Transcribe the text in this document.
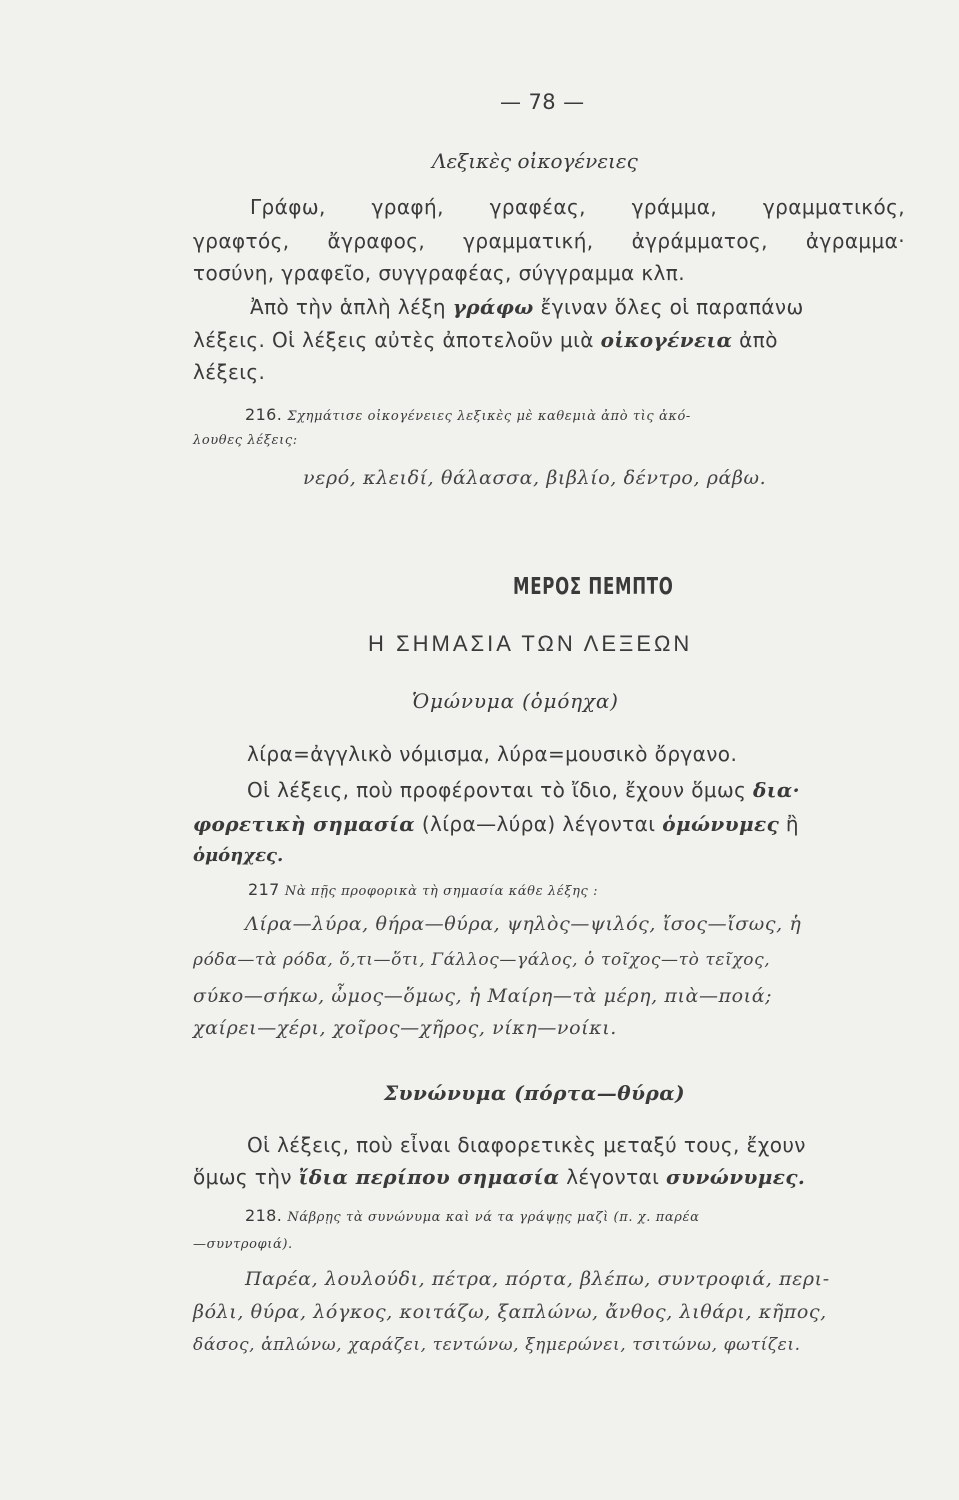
— 78 —
Λεξικὲς οἰκογένειες
Γράφω, γραφή, γραφέας, γράμμα, γραμματικός,
γραφτός, ἄγραφος, γραμματική, ἀγράμματος, ἀγραμμα·
τοσύνη, γραφεῖο, συγγραφέας, σύγγραμμα κλπ.
Ἀπὸ τὴν ἁπλὴ λέξη γράφω ἔγιναν ὅλες οἱ παραπάνω
λέξεις. Οἱ λέξεις αὐτὲς ἀποτελοῦν μιὰ οἰκογένεια ἀπὸ
λέξεις.
216. Σχημάτισε οἰκογένειες λεξικὲς μὲ καθεμιὰ ἀπὸ τὶς ἀκό-
λουθες λέξεις:
νερό, κλειδί, θάλασσα, βιβλίο, δέντρο, ράβω.
ΜΕΡΟΣ ΠΕΜΠΤΟ
Η ΣΗΜΑΣΙΑ ΤΩΝ ΛΕΞΕΩΝ
Ὁμώνυμα (ὁμόηχα)
λίρα=ἀγγλικὸ νόμισμα, λύρα=μουσικὸ ὄργανο.
Οἱ λέξεις, ποὺ προφέρονται τὸ ἴδιο, ἔχουν ὅμως δια·
φορετικὴ σημασία (λίρα—λύρα) λέγονται ὁμώνυμες ἢ
ὁμόηχες.
217 Νὰ πῇς προφορικὰ τὴ σημασία κάθε λέξης :
Λίρα—λύρα, θήρα—θύρα, ψηλὸς—ψιλός, ἴσος—ἴσως, ἡ
ρόδα—τὰ ρόδα, ὅ,τι—ὅτι, Γάλλος—γάλος, ὁ τοῖχος—τὸ τεῖχος,
σύκο—σήκω, ὦμος—ὅμως, ἡ Μαίρη—τὰ μέρη, πιὰ—ποιά;
χαίρει—χέρι, χοῖρος—χῆρος, νίκη—νοίκι.
Συνώνυμα (πόρτα—θύρα)
Οἱ λέξεις, ποὺ εἶναι διαφορετικὲς μεταξύ τους, ἔχουν
ὅμως τὴν ἴδια περίπου σημασία λέγονται συνώνυμες.
218. Νάβρῃς τὰ συνώνυμα καὶ νά τα γράψῃς μαζὶ (π. χ. παρέα
—συντροφιά).
Παρέα, λουλούδι, πέτρα, πόρτα, βλέπω, συντροφιά, περι-
βόλι, θύρα, λόγκος, κοιτάζω, ξαπλώνω, ἄνθος, λιθάρι, κῆπος,
δάσος, ἁπλώνω, χαράζει, τεντώνω, ξημερώνει, τσιτώνω, φωτίζει.
